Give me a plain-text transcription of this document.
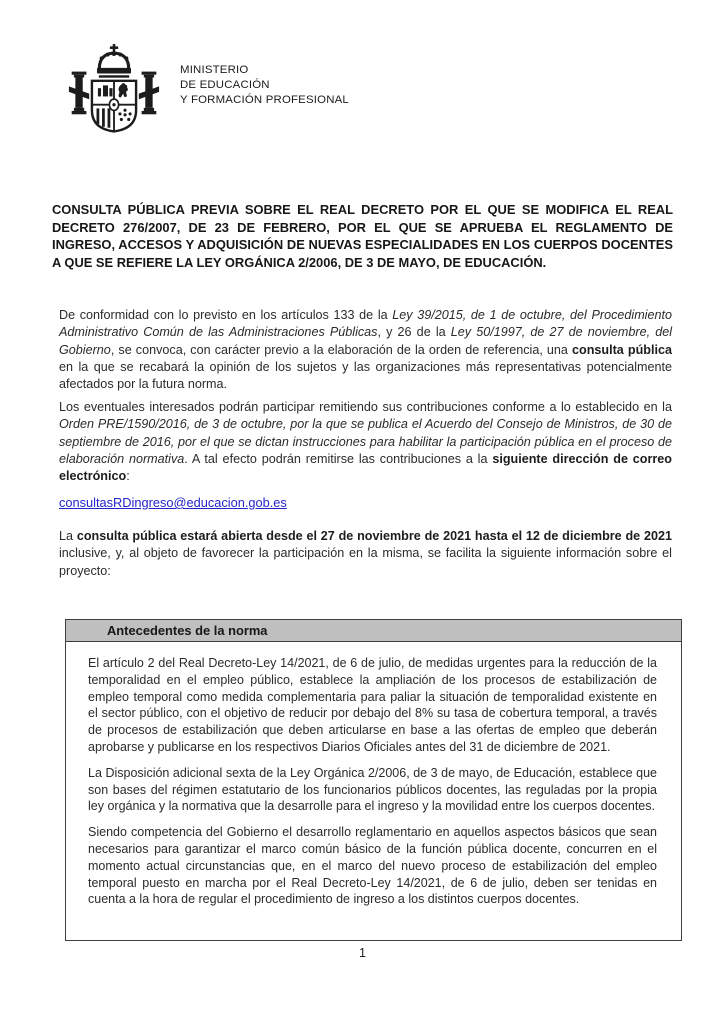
MINISTERIO
DE EDUCACIÓN
Y FORMACIÓN PROFESIONAL
CONSULTA PÚBLICA PREVIA SOBRE EL REAL DECRETO POR EL QUE SE MODIFICA EL REAL DECRETO 276/2007, DE 23 DE FEBRERO, POR EL QUE SE APRUEBA EL REGLAMENTO DE INGRESO, ACCESOS Y ADQUISICIÓN DE NUEVAS ESPECIALIDADES EN LOS CUERPOS DOCENTES A QUE SE REFIERE LA LEY ORGÁNICA 2/2006, DE 3 DE MAYO, DE EDUCACIÓN.

De conformidad con lo previsto en los artículos 133 de la Ley 39/2015, de 1 de octubre, del Procedimiento Administrativo Común de las Administraciones Públicas, y 26 de la Ley 50/1997, de 27 de noviembre, del Gobierno, se convoca, con carácter previo a la elaboración de la orden de referencia, una consulta pública en la que se recabará la opinión de los sujetos y las organizaciones más representativas potencialmente afectados por la futura norma.

Los eventuales interesados podrán participar remitiendo sus contribuciones conforme a lo establecido en la Orden PRE/1590/2016, de 3 de octubre, por la que se publica el Acuerdo del Consejo de Ministros, de 30 de septiembre de 2016, por el que se dictan instrucciones para habilitar la participación pública en el proceso de elaboración normativa. A tal efecto podrán remitirse las contribuciones a la siguiente dirección de correo electrónico:

consultasRDingreso@educacion.gob.es

La consulta pública estará abierta desde el 27 de noviembre de 2021 hasta el 12 de diciembre de 2021 inclusive, y, al objeto de favorecer la participación en la misma, se facilita la siguiente información sobre el proyecto:

Antecedentes de la norma

El artículo 2 del Real Decreto-Ley 14/2021, de 6 de julio, de medidas urgentes para la reducción de la temporalidad en el empleo público, establece la ampliación de los procesos de estabilización de empleo temporal como medida complementaria para paliar la situación de temporalidad existente en el sector público, con el objetivo de reducir por debajo del 8% su tasa de cobertura temporal, a través de procesos de estabilización que deben articularse en base a las ofertas de empleo que deberán aprobarse y publicarse en los respectivos Diarios Oficiales antes del 31 de diciembre de 2021.

La Disposición adicional sexta de la Ley Orgánica 2/2006, de 3 de mayo, de Educación, establece que son bases del régimen estatutario de los funcionarios públicos docentes, las reguladas por la propia ley orgánica y la normativa que la desarrolle para el ingreso y la movilidad entre los cuerpos docentes.

Siendo competencia del Gobierno el desarrollo reglamentario en aquellos aspectos básicos que sean necesarios para garantizar el marco común básico de la función pública docente, concurren en el momento actual circunstancias que, en el marco del nuevo proceso de estabilización del empleo temporal puesto en marcha por el Real Decreto-Ley 14/2021, de 6 de julio, deben ser tenidas en cuenta a la hora de regular el procedimiento de ingreso a los distintos cuerpos docentes.

1
